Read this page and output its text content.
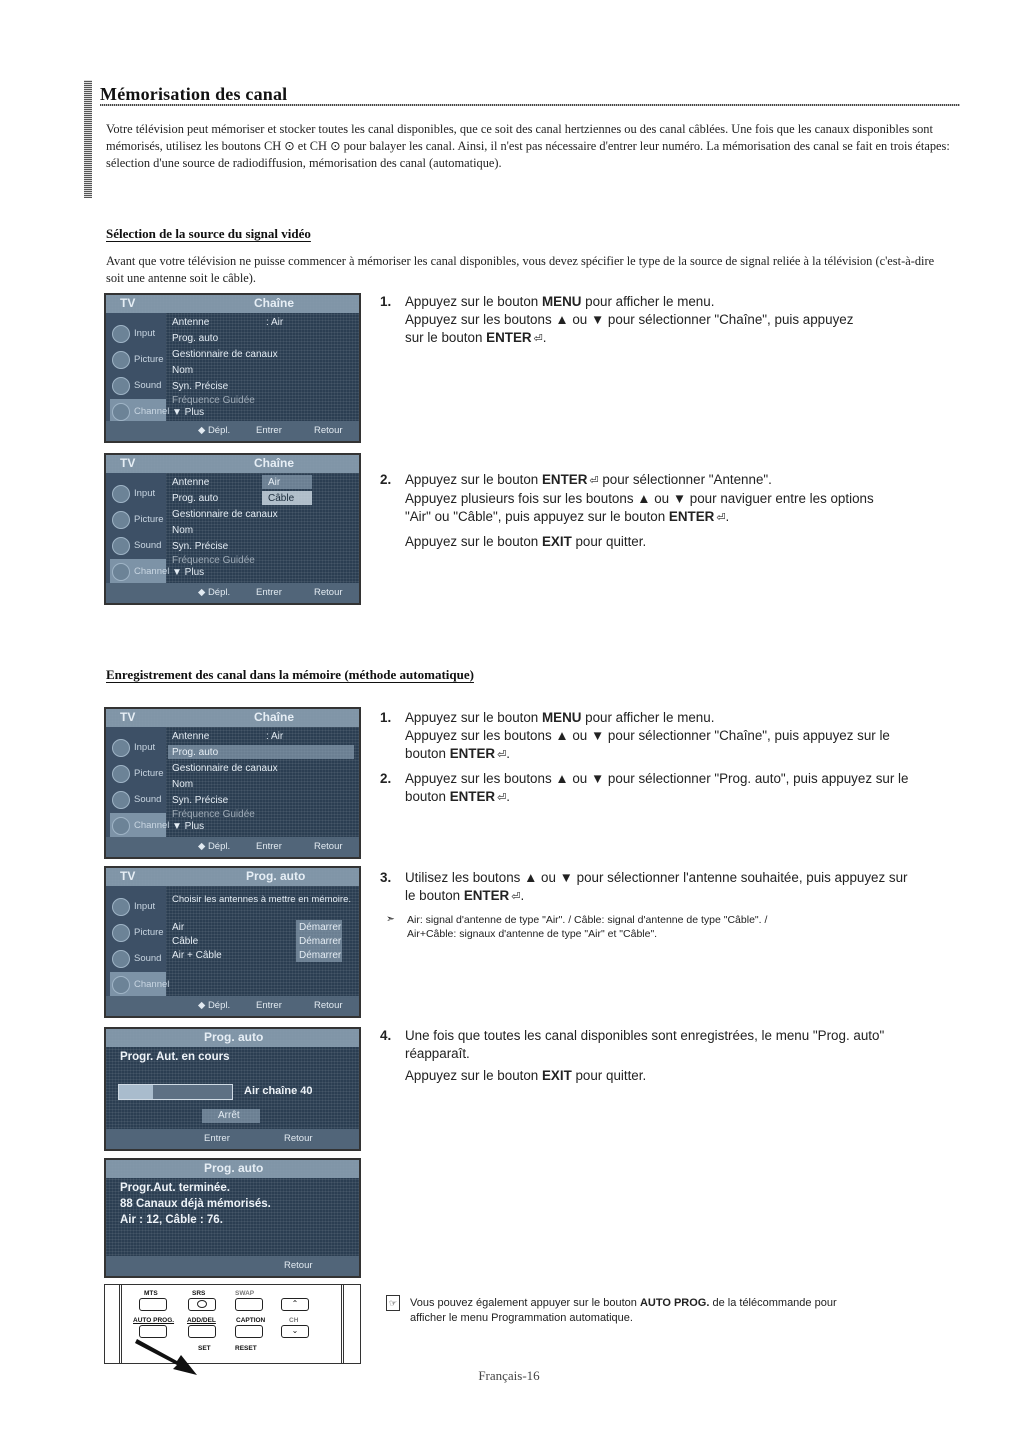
Mémorisation des canal
Votre télévision peut mémoriser et stocker toutes les canal disponibles, que ce soit des canal hertziennes ou des canal câblées. Une fois que les canaux disponibles sont mémorisés, utilisez les boutons CH ⊙ et CH ⊙ pour balayer les canal. Ainsi, il n'est pas nécessaire d'entrer leur numéro. La mémorisation des canal se fait en trois étapes: sélection d'une source de radiodiffusion, mémorisation des canal (automatique).
Sélection de la source du signal vidéo
Avant que votre télévision ne puisse commencer à mémoriser les canal disponibles, vous devez spécifier le type de la source de signal reliée à la télévision (c'est-à-dire soit une antenne soit le câble).
TV	Chaîne
Input
Picture
Sound
Channel
Antenne	: Air
Prog. auto
Gestionnaire de canaux
Nom
Syn. Précise
Fréquence Guidée
▼ Plus
◆ Dépl.	Entrer	Retour
1. Appuyez sur le bouton MENU pour afficher le menu.
Appuyez sur les boutons ▲ ou ▼ pour sélectionner "Chaîne", puis appuyez
sur le bouton ENTER ⏎.
TV	Chaîne
Input
Picture
Sound
Channel
Antenne	Air
Prog. auto	Câble
Gestionnaire de canaux
Nom
Syn. Précise
Fréquence Guidée
▼ Plus
◆ Dépl.	Entrer	Retour
2. Appuyez sur le bouton ENTER ⏎ pour sélectionner "Antenne".
Appuyez plusieurs fois sur les boutons ▲ ou ▼ pour naviguer entre les options
"Air" ou "Câble", puis appuyez sur le bouton ENTER ⏎.
Appuyez sur le bouton EXIT pour quitter.
Enregistrement des canal dans la mémoire (méthode automatique)
TV	Chaîne
Input
Picture
Sound
Channel
Antenne	: Air
Prog. auto
Gestionnaire de canaux
Nom
Syn. Précise
Fréquence Guidée
▼ Plus
◆ Dépl.	Entrer	Retour
1. Appuyez sur le bouton MENU pour afficher le menu.
Appuyez sur les boutons ▲ ou ▼ pour sélectionner "Chaîne", puis appuyez sur le
bouton ENTER ⏎.
2. Appuyez sur les boutons ▲ ou ▼ pour sélectionner "Prog. auto", puis appuyez sur le
bouton ENTER ⏎.
TV	Prog. auto
Input
Picture
Sound
Channel
Choisir les antennes à mettre en mémoire.
Air
Câble
Air + Câble
Démarrer
Démarrer
Démarrer
◆ Dépl.	Entrer	Retour
3. Utilisez les boutons ▲ ou ▼ pour sélectionner l'antenne souhaitée, puis appuyez sur
le bouton ENTER ⏎.
➣ Air: signal d'antenne de type "Air". / Câble: signal d'antenne de type "Câble". /
Air+Câble: signaux d'antenne de type "Air" et "Câble".
Prog. auto
Progr. Aut. en cours
Air chaîne 40
Arrêt
Entrer	Retour
4. Une fois que toutes les canal disponibles sont enregistrées, le menu "Prog. auto"
réapparaît.
Appuyez sur le bouton EXIT pour quitter.
Prog. auto
Progr.Aut. terminée.
88 Canaux déjà mémorisés.
Air : 12, Câble : 76.
Retour
MTS	SRS	SWAP
⌃
AUTO PROG. ADD/DEL	CAPTION	CH
⌄
SET	RESET
☞ Vous pouvez également appuyer sur le bouton AUTO PROG. de la télécommande pour
afficher le menu Programmation automatique.
Français-16
